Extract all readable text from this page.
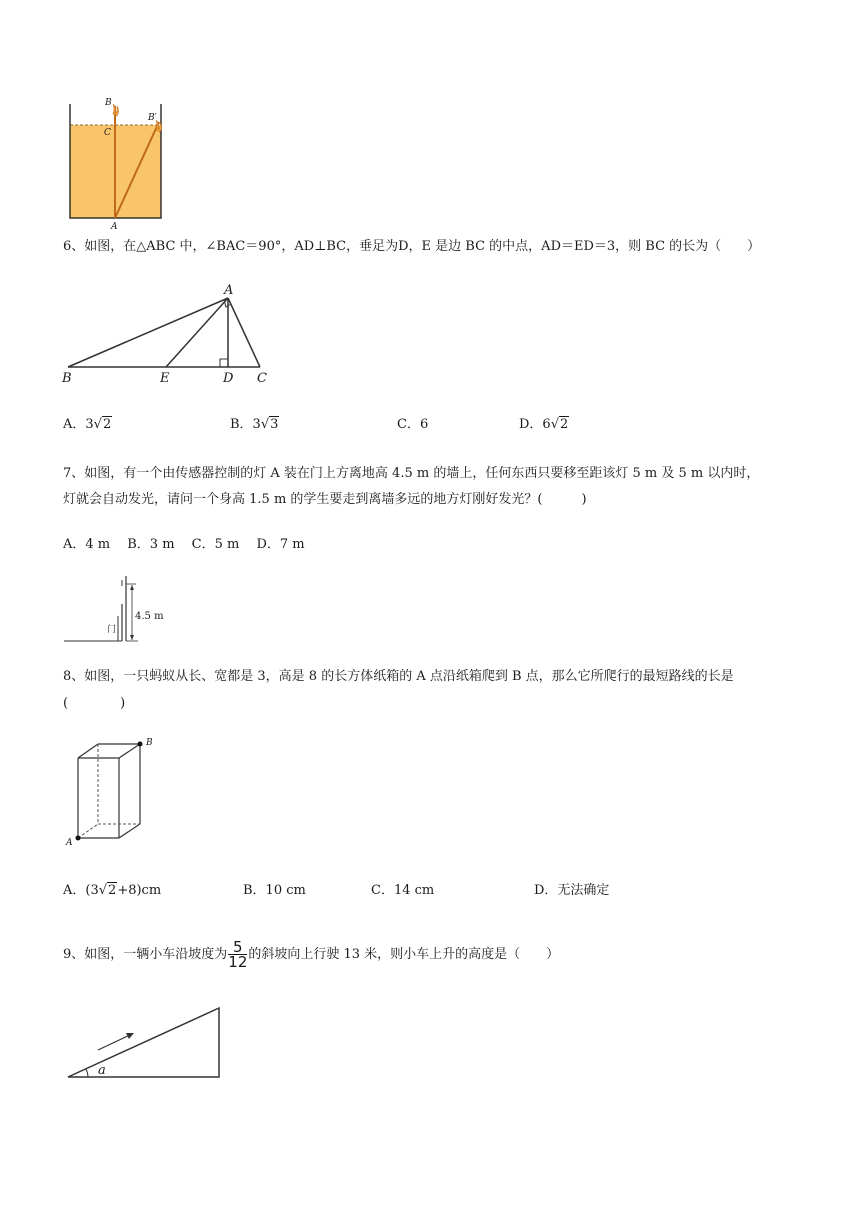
B
B′
C
A
6、如图，在△ABC 中，∠BAC＝90°，AD⊥BC，垂足为D，E 是边 BC 的中点，AD＝ED＝3，则 BC 的长为（　　）
A
B	E	D C
A．3√2	B．3√3	C．6	D．6√2
7、如图，有一个由传感器控制的灯 A 装在门上方离地高 4.5 m 的墙上，任何东西只要移至距该灯 5 m 及 5 m 以内时，
灯就会自动发光，请问一个身高 1.5 m 的学生要走到离墙多远的地方灯刚好发光？(　　　)
A．4 m　 B．3 m　 C．5 m　 D．7 m
4.5 m
门
8、如图，一只蚂蚁从长、宽都是 3，高是 8 的长方体纸箱的 A 点沿纸箱爬到 B 点，那么它所爬行的最短路线的长是
(　　　　)
A
B
A．(3√2+8)cm	B．10 cm	C．14 cm	D．无法确定
9、如图，一辆小车沿坡度为 $\frac{5}{12}$ 的斜坡向上行驶 13 米，则小车上升的高度是（　　）
a
